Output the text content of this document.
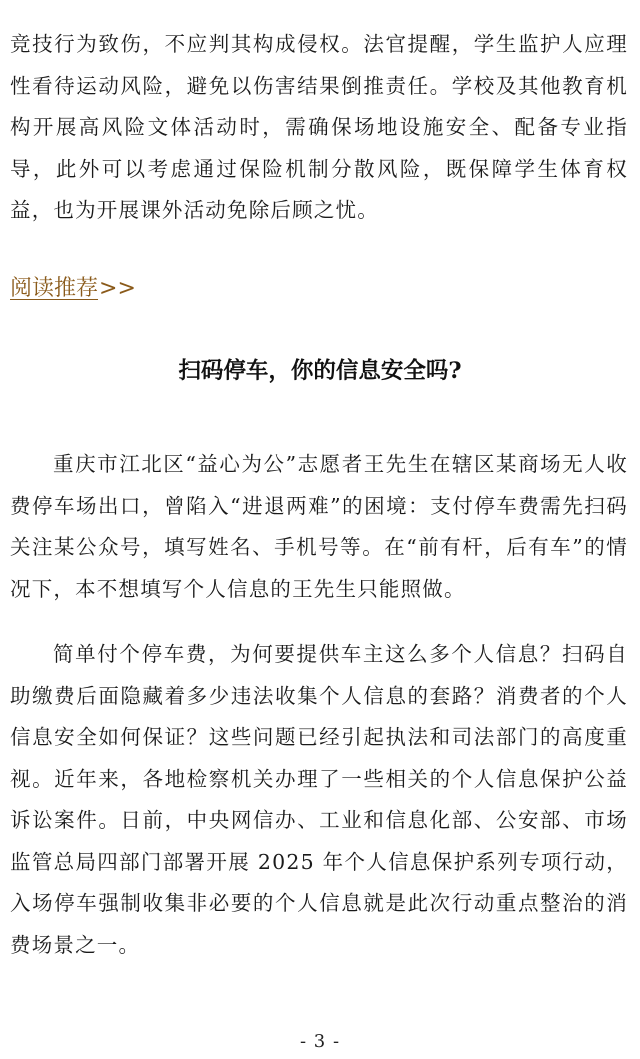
竞技行为致伤，不应判其构成侵权。法官提醒，学生监护人应理性看待运动风险，避免以伤害结果倒推责任。学校及其他教育机构开展高风险文体活动时，需确保场地设施安全、配备专业指导，此外可以考虑通过保险机制分散风险，既保障学生体育权益，也为开展课外活动免除后顾之忧。

阅读推荐>>

扫码停车，你的信息安全吗?

重庆市江北区“益心为公”志愿者王先生在辖区某商场无人收费停车场出口，曾陷入“进退两难”的困境：支付停车费需先扫码关注某公众号，填写姓名、手机号等。在“前有杆，后有车”的情况下，本不想填写个人信息的王先生只能照做。

简单付个停车费，为何要提供车主这么多个人信息？扫码自助缴费后面隐藏着多少违法收集个人信息的套路？消费者的个人信息安全如何保证？这些问题已经引起执法和司法部门的高度重视。近年来，各地检察机关办理了一些相关的个人信息保护公益诉讼案件。日前，中央网信办、工业和信息化部、公安部、市场监管总局四部门部署开展 2025 年个人信息保护系列专项行动，入场停车强制收集非必要的个人信息就是此次行动重点整治的消费场景之一。

- 3 -
